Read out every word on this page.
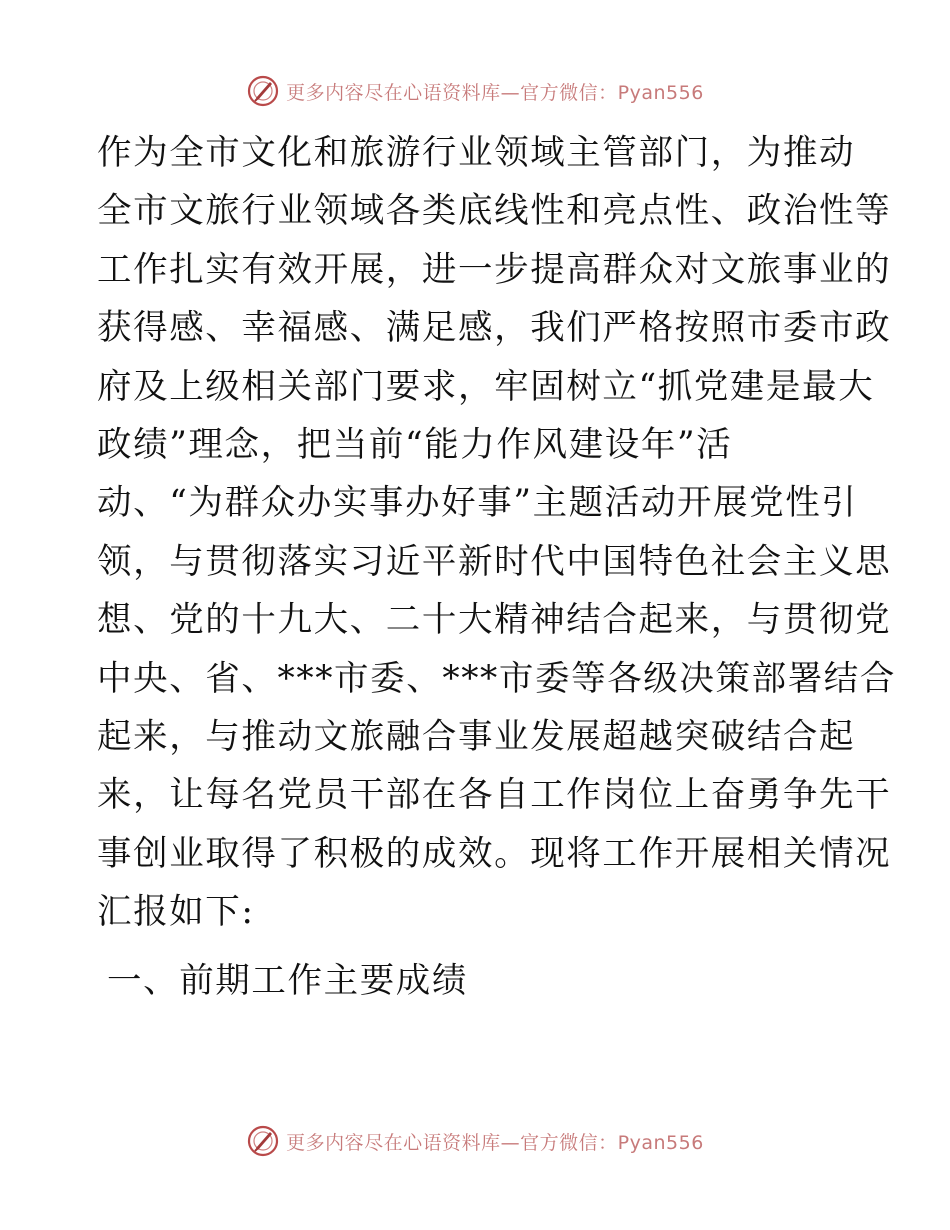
更多内容尽在心语资料库—官方微信：Pyan556

作为全市文化和旅游行业领域主管部门，为推动
全市文旅行业领域各类底线性和亮点性、政治性等
工作扎实有效开展，进一步提高群众对文旅事业的
获得感、幸福感、满足感，我们严格按照市委市政
府及上级相关部门要求，牢固树立“抓党建是最大
政绩”理念，把当前“能力作风建设年”活
动、“为群众办实事办好事”主题活动开展党性引
领，与贯彻落实习近平新时代中国特色社会主义思
想、党的十九大、二十大精神结合起来，与贯彻党
中央、省、***市委、***市委等各级决策部署结合
起来，与推动文旅融合事业发展超越突破结合起
来，让每名党员干部在各自工作岗位上奋勇争先干
事创业取得了积极的成效。现将工作开展相关情况
汇报如下:

一、前期工作主要成绩
更多内容尽在心语资料库—官方微信：Pyan556
